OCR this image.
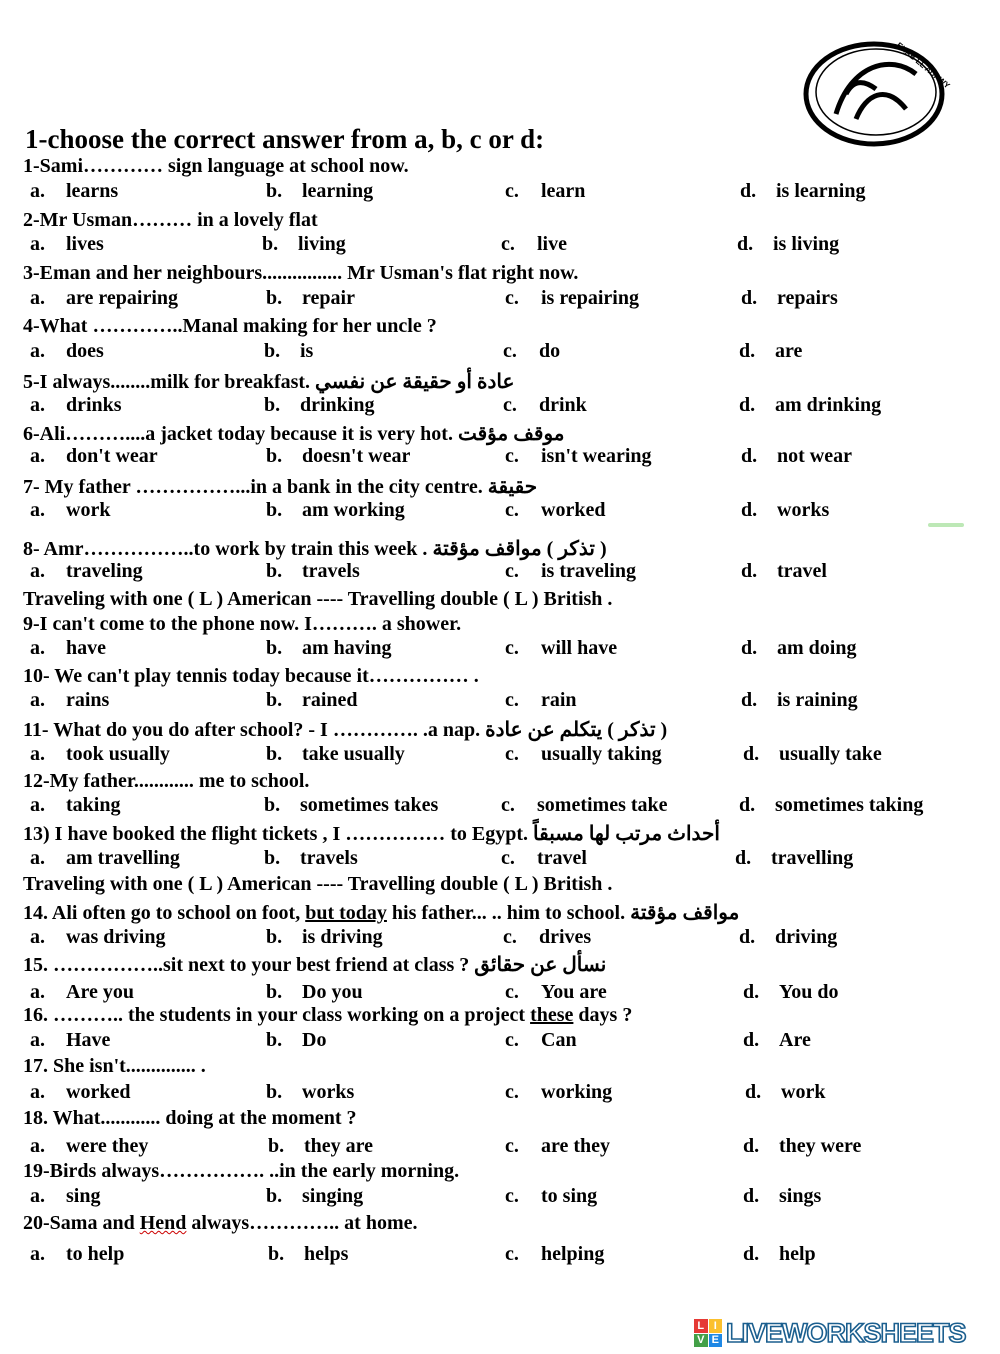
EHAB EL ADAWY
1-choose the correct answer from a, b, c or d:
1-Sami………… sign language at school now.
a. learns	b. learning	c. learn	d. is learning
2-Mr Usman……… in a lovely flat
a. lives	b. living	c. live	d. is living
3-Eman and her neighbours................ Mr Usman's flat right now.
a. are repairing	b. repair	c. is repairing	d. repairs
4-What …………..Manal making for her uncle ?
a. does	b. is	c. do	d. are
5-I always........milk for breakfast. عادة أو حقيقة عن نفسي
a. drinks	b. drinking	c. drink	d. am drinking
6-Ali………....a jacket today because it is very hot. موقف مؤقت
a. don't wear	b. doesn't wear	c. isn't wearing	d. not wear
7- My father ……………...in a bank in the city centre. حقيقة
a. work	b. am working	c. worked	d. works
8- Amr……………..to work by train this week . ( تذكر ) مواقف مؤقتة
a. traveling	b. travels	c. is traveling	d. travel
9-I can't come to the phone now. I………. a shower.
a. have	b. am having	c. will have	d. am doing
10- We can't play tennis today because it…………… .
a. rains	b. rained	c. rain	d. is raining
11- What do you do after school? - I …………. .a nap. ( تذكر ) يتكلم عن عادة
a. took usually	b. take usually	c. usually taking	d. usually take
12-My father............ me to school.
a. taking	b. sometimes takes	c. sometimes take	d. sometimes taking
13) I have booked the flight tickets , I …………… to Egypt. أحداث مرتب لها مسبقاً
a. am travelling	b. travels	c. travel	d. travelling
14. Ali often go to school on foot, but today his father... .. him to school. مواقف مؤقتة
a. was driving	b. is driving	c. drives	d. driving
15. ……………..sit next to your best friend at class ? نسأل عن حقائق
a. Are you	b. Do you	c. You are	d. You do
16. ……….. the students in your class working on a project these days ?
a. Have	b. Do	c. Can	d. Are
17. She isn't.............. .
a. worked	b. works	c. working	d. work
18. What............ doing at the moment ?
a. were they	b. they are	c. are they	d. they were
19-Birds always……………. ..in the early morning.
a. sing	b. singing	c. to sing	d. sings
20-Sama and Hend always………….. at home.
a. to help	b. helps	c. helping	d. help
Traveling with one ( L ) American ---- Travelling double ( L ) British .
Traveling with one ( L ) American ---- Travelling double ( L ) British .
L I
V E LIVEWORKSHEETS
